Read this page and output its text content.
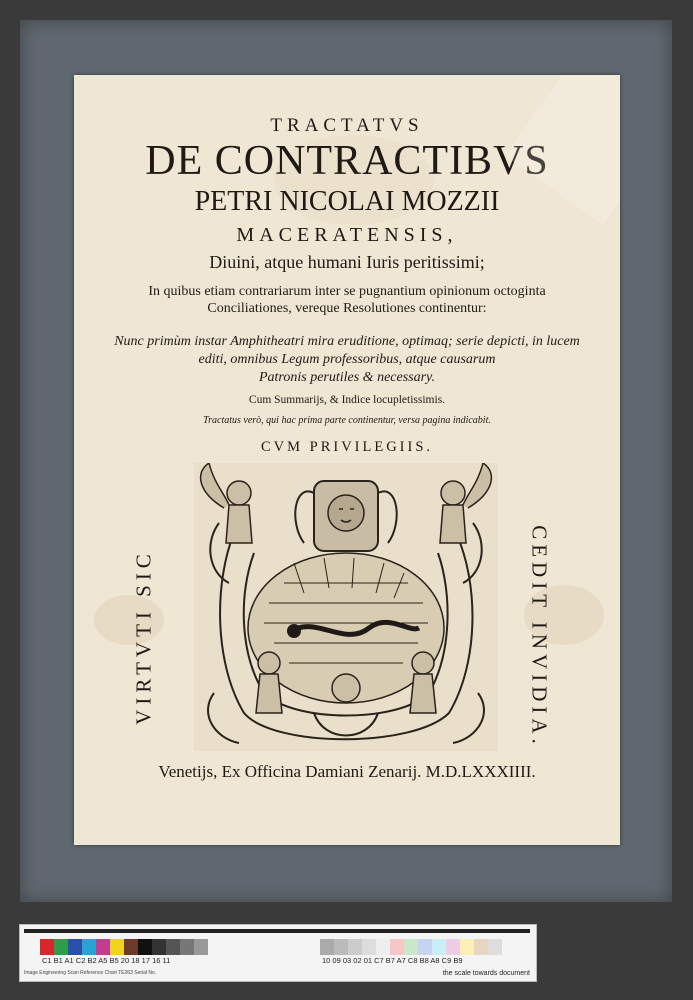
TRACTATVS
DE CONTRACTIBVS
PETRI NICOLAI MOZZII
MACERATENSIS,
Diuini, atque humani Iuris peritissimi;
In quibus etiam contrariarum inter se pugnantium opinionum octoginta
Conciliationes, vereque Resolutiones continentur:
Nunc primùm instar Amphitheatri mira eruditione, optimaq; serie depicti, in lucem
editi, omnibus Legum professoribus, atque causarum
Patronis perutiles & necessary.
Cum Summarijs, & Indice locupletissimis.
Tractatus verò, qui hac prima parte continentur, versa pagina indicabit.
CVM PRIVILEGIIS.
VIRTVTI SIC	CEDIT INVIDIA.
Venetijs, Ex Officina Damiani Zenarij. M.D.LXXXIIII.
C1 B1 A1 C2 B2 A5 B5 20 18 17 16 11	10 09 03 02 01 C7 B7 A7 C8 B8 A8 C9 B9
Image Engineering Scan Reference Chart TE263 Serial No.	the scale towards document
